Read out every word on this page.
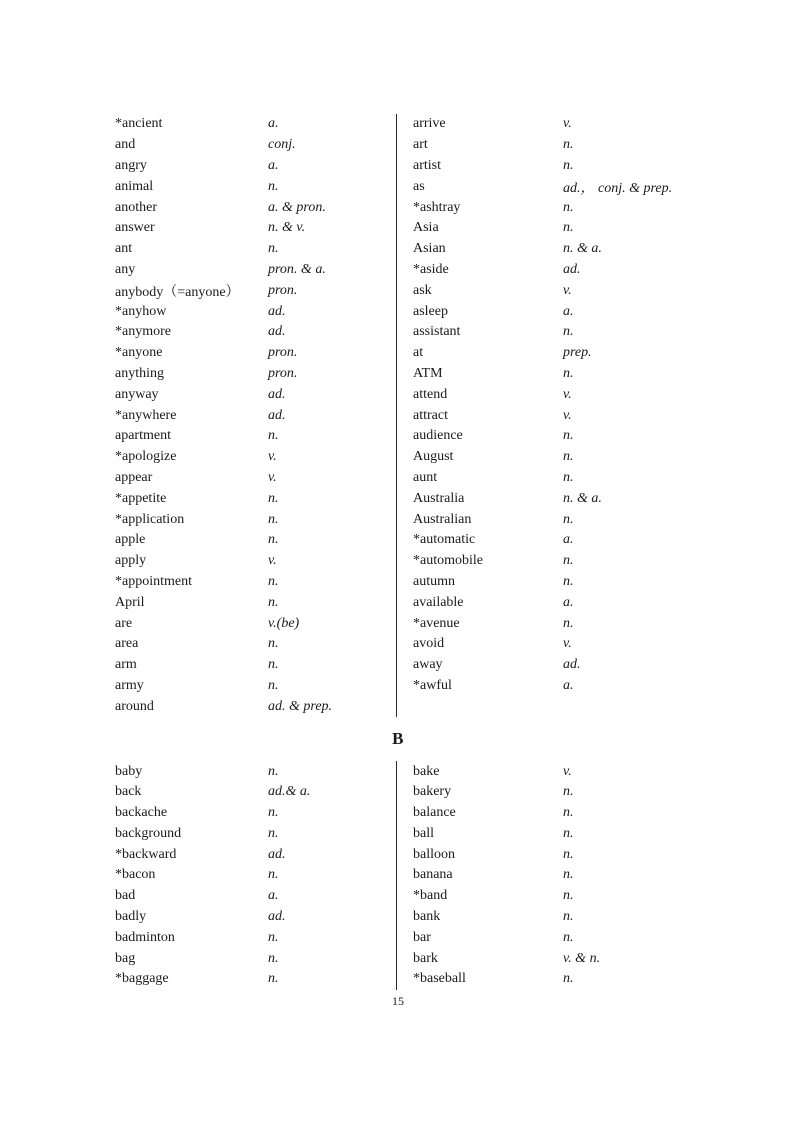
*ancient	a.
and	conj.
angry	a.
animal	n.
another	a. & pron.
answer	n. & v.
ant	n.
any	pron. & a.
anybody（=anyone）	pron.
*anyhow	ad.
*anymore	ad.
*anyone	pron.
anything	pron.
anyway	ad.
*anywhere	ad.
apartment	n.
*apologize	v.
appear	v.
*appetite	n.
*application	n.
apple	n.
apply	v.
*appointment	n.
April	n.
are	v.(be)
area	n.
arm	n.
army	n.
around	ad. & prep.
arrive	v.
art	n.
artist	n.
as	ad.， conj. & prep.
*ashtray	n.
Asia	n.
Asian	n. & a.
*aside	ad.
ask	v.
asleep	a.
assistant	n.
at	prep.
ATM	n.
attend	v.
attract	v.
audience	n.
August	n.
aunt	n.
Australia	n. & a.
Australian	n.
*automatic	a.
*automobile	n.
autumn	n.
available	a.
*avenue	n.
avoid	v.
away	ad.
*awful	a.
B
baby	n.
back	ad.& a.
backache	n.
background	n.
*backward	ad.
*bacon	n.
bad	a.
badly	ad.
badminton	n.
bag	n.
*baggage	n.
bake	v.
bakery	n.
balance	n.
ball	n.
balloon	n.
banana	n.
*band	n.
bank	n.
bar	n.
bark	v. & n.
*baseball	n.
15
